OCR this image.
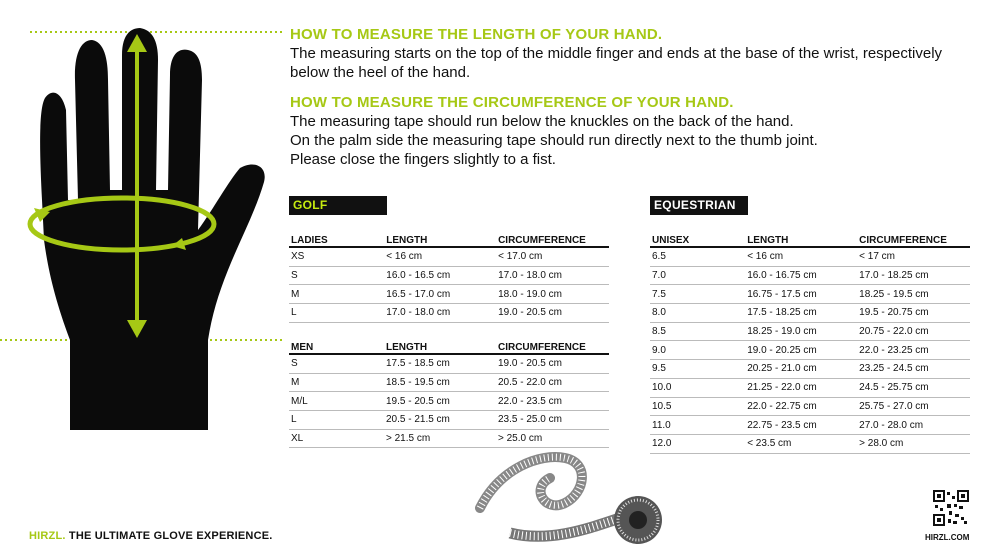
HOW TO MEASURE THE LENGTH OF YOUR HAND.

The measuring starts on the top of the middle finger and ends at the base of the wrist, respectively below the heel of the hand.

HOW TO MEASURE THE CIRCUMFERENCE OF YOUR HAND.

The measuring tape should run below the knuckles on the back of the hand.

On the palm side the measuring tape should run directly next to the thumb joint.

Please close the fingers slightly to a fist.

GOLF	EQUESTRIAN
LADIES	LENGTH	CIRCUMFERENCE
XS	< 16 cm	< 17.0 cm
S	16.0 - 16.5 cm	17.0 - 18.0 cm
M	16.5 - 17.0 cm	18.0 - 19.0 cm
L	17.0 - 18.0 cm	19.0 - 20.5 cm
MEN	LENGTH	CIRCUMFERENCE
S	17.5 - 18.5 cm	19.0 - 20.5 cm
M	18.5 - 19.5 cm	20.5 - 22.0 cm
M/L	19.5 - 20.5 cm	22.0 - 23.5 cm
L	20.5 - 21.5 cm	23.5 - 25.0 cm
XL	> 21.5 cm	> 25.0 cm
UNISEX	LENGTH	CIRCUMFERENCE
6.5	< 16 cm	< 17 cm
7.0	16.0 - 16.75 cm	17.0 - 18.25 cm
7.5	16.75 - 17.5 cm	18.25 - 19.5 cm
8.0	17.5 - 18.25 cm	19.5 - 20.75 cm
8.5	18.25 - 19.0 cm	20.75 - 22.0 cm
9.0	19.0 - 20.25 cm	22.0 - 23.25 cm
9.5	20.25 - 21.0 cm	23.25 - 24.5 cm
10.0	21.25 - 22.0 cm	24.5 - 25.75 cm
10.5	22.0 - 22.75 cm	25.75 - 27.0 cm
11.0	22.75 - 23.5 cm	27.0 - 28.0 cm
12.0	< 23.5 cm	> 28.0 cm
HIRZL. THE ULTIMATE GLOVE EXPERIENCE.	HIRZL.COM
